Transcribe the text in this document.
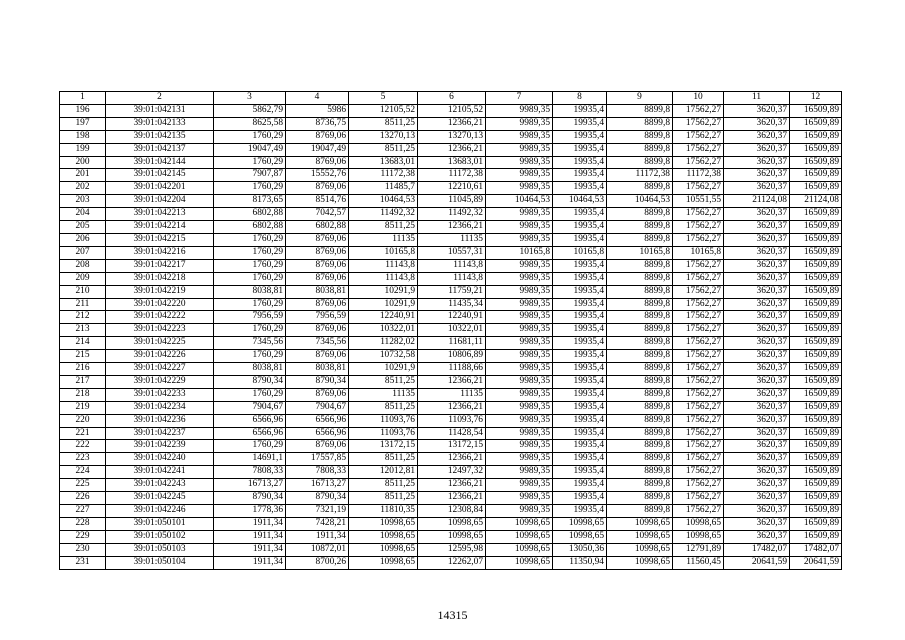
1	2	3	4	5	6	7	8	9	10	11	12
196	39:01:042131	5862,79	5986	12105,52	12105,52	9989,35	19935,4	8899,8	17562,27	3620,37	16509,89
197	39:01:042133	8625,58	8736,75	8511,25	12366,21	9989,35	19935,4	8899,8	17562,27	3620,37	16509,89
198	39:01:042135	1760,29	8769,06	13270,13	13270,13	9989,35	19935,4	8899,8	17562,27	3620,37	16509,89
199	39:01:042137	19047,49	19047,49	8511,25	12366,21	9989,35	19935,4	8899,8	17562,27	3620,37	16509,89
200	39:01:042144	1760,29	8769,06	13683,01	13683,01	9989,35	19935,4	8899,8	17562,27	3620,37	16509,89
201	39:01:042145	7907,87	15552,76	11172,38	11172,38	9989,35	19935,4	11172,38	11172,38	3620,37	16509,89
202	39:01:042201	1760,29	8769,06	11485,7	12210,61	9989,35	19935,4	8899,8	17562,27	3620,37	16509,89
203	39:01:042204	8173,65	8514,76	10464,53	11045,89	10464,53	10464,53	10464,53	10551,55	21124,08	21124,08
204	39:01:042213	6802,88	7042,57	11492,32	11492,32	9989,35	19935,4	8899,8	17562,27	3620,37	16509,89
205	39:01:042214	6802,88	6802,88	8511,25	12366,21	9989,35	19935,4	8899,8	17562,27	3620,37	16509,89
206	39:01:042215	1760,29	8769,06	11135	11135	9989,35	19935,4	8899,8	17562,27	3620,37	16509,89
207	39:01:042216	1760,29	8769,06	10165,8	10557,31	10165,8	10165,8	10165,8	10165,8	3620,37	16509,89
208	39:01:042217	1760,29	8769,06	11143,8	11143,8	9989,35	19935,4	8899,8	17562,27	3620,37	16509,89
209	39:01:042218	1760,29	8769,06	11143,8	11143,8	9989,35	19935,4	8899,8	17562,27	3620,37	16509,89
210	39:01:042219	8038,81	8038,81	10291,9	11759,21	9989,35	19935,4	8899,8	17562,27	3620,37	16509,89
211	39:01:042220	1760,29	8769,06	10291,9	11435,34	9989,35	19935,4	8899,8	17562,27	3620,37	16509,89
212	39:01:042222	7956,59	7956,59	12240,91	12240,91	9989,35	19935,4	8899,8	17562,27	3620,37	16509,89
213	39:01:042223	1760,29	8769,06	10322,01	10322,01	9989,35	19935,4	8899,8	17562,27	3620,37	16509,89
214	39:01:042225	7345,56	7345,56	11282,02	11681,11	9989,35	19935,4	8899,8	17562,27	3620,37	16509,89
215	39:01:042226	1760,29	8769,06	10732,58	10806,89	9989,35	19935,4	8899,8	17562,27	3620,37	16509,89
216	39:01:042227	8038,81	8038,81	10291,9	11188,66	9989,35	19935,4	8899,8	17562,27	3620,37	16509,89
217	39:01:042229	8790,34	8790,34	8511,25	12366,21	9989,35	19935,4	8899,8	17562,27	3620,37	16509,89
218	39:01:042233	1760,29	8769,06	11135	11135	9989,35	19935,4	8899,8	17562,27	3620,37	16509,89
219	39:01:042234	7904,67	7904,67	8511,25	12366,21	9989,35	19935,4	8899,8	17562,27	3620,37	16509,89
220	39:01:042236	6566,96	6566,96	11093,76	11093,76	9989,35	19935,4	8899,8	17562,27	3620,37	16509,89
221	39:01:042237	6566,96	6566,96	11093,76	11428,54	9989,35	19935,4	8899,8	17562,27	3620,37	16509,89
222	39:01:042239	1760,29	8769,06	13172,15	13172,15	9989,35	19935,4	8899,8	17562,27	3620,37	16509,89
223	39:01:042240	14691,1	17557,85	8511,25	12366,21	9989,35	19935,4	8899,8	17562,27	3620,37	16509,89
224	39:01:042241	7808,33	7808,33	12012,81	12497,32	9989,35	19935,4	8899,8	17562,27	3620,37	16509,89
225	39:01:042243	16713,27	16713,27	8511,25	12366,21	9989,35	19935,4	8899,8	17562,27	3620,37	16509,89
226	39:01:042245	8790,34	8790,34	8511,25	12366,21	9989,35	19935,4	8899,8	17562,27	3620,37	16509,89
227	39:01:042246	1778,36	7321,19	11810,35	12308,84	9989,35	19935,4	8899,8	17562,27	3620,37	16509,89
228	39:01:050101	1911,34	7428,21	10998,65	10998,65	10998,65	10998,65	10998,65	10998,65	3620,37	16509,89
229	39:01:050102	1911,34	1911,34	10998,65	10998,65	10998,65	10998,65	10998,65	10998,65	3620,37	16509,89
230	39:01:050103	1911,34	10872,01	10998,65	12595,98	10998,65	13050,36	10998,65	12791,89	17482,07	17482,07
231	39:01:050104	1911,34	8700,26	10998,65	12262,07	10998,65	11350,94	10998,65	11560,45	20641,59	20641,59
14315
